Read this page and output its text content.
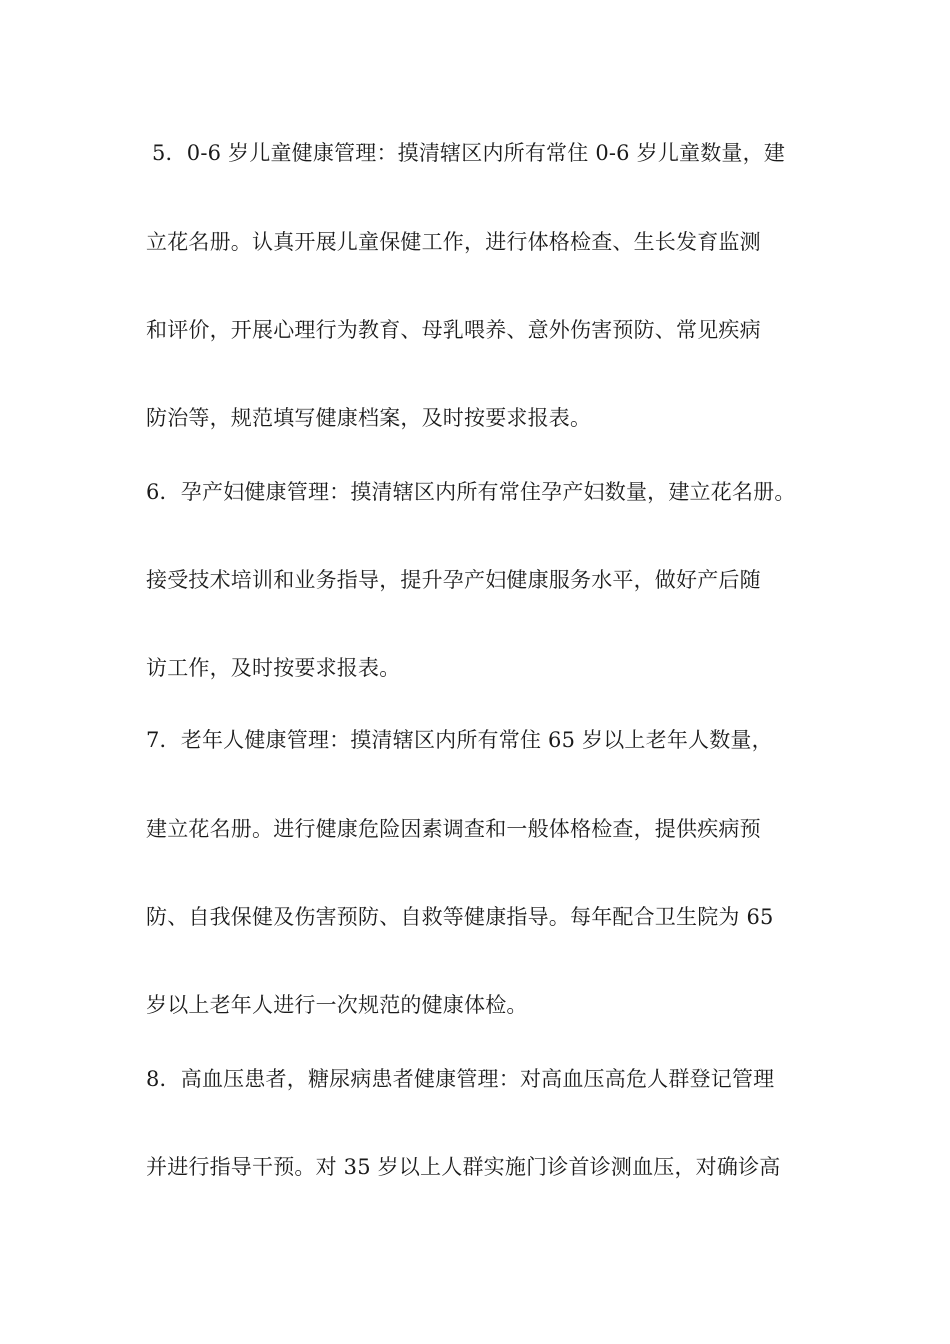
5．0-6 岁儿童健康管理：摸清辖区内所有常住 0-6 岁儿童数量，建
立花名册。认真开展儿童保健工作，进行体格检查、生长发育监测
和评价，开展心理行为教育、母乳喂养、意外伤害预防、常见疾病
防治等，规范填写健康档案，及时按要求报表。
6．孕产妇健康管理：摸清辖区内所有常住孕产妇数量，建立花名册。
接受技术培训和业务指导，提升孕产妇健康服务水平，做好产后随
访工作，及时按要求报表。
7．老年人健康管理：摸清辖区内所有常住 65 岁以上老年人数量，
建立花名册。进行健康危险因素调查和一般体格检查，提供疾病预
防、自我保健及伤害预防、自救等健康指导。每年配合卫生院为 65
岁以上老年人进行一次规范的健康体检。
8．高血压患者，糖尿病患者健康管理：对高血压高危人群登记管理
并进行指导干预。对 35 岁以上人群实施门诊首诊测血压，对确诊高
